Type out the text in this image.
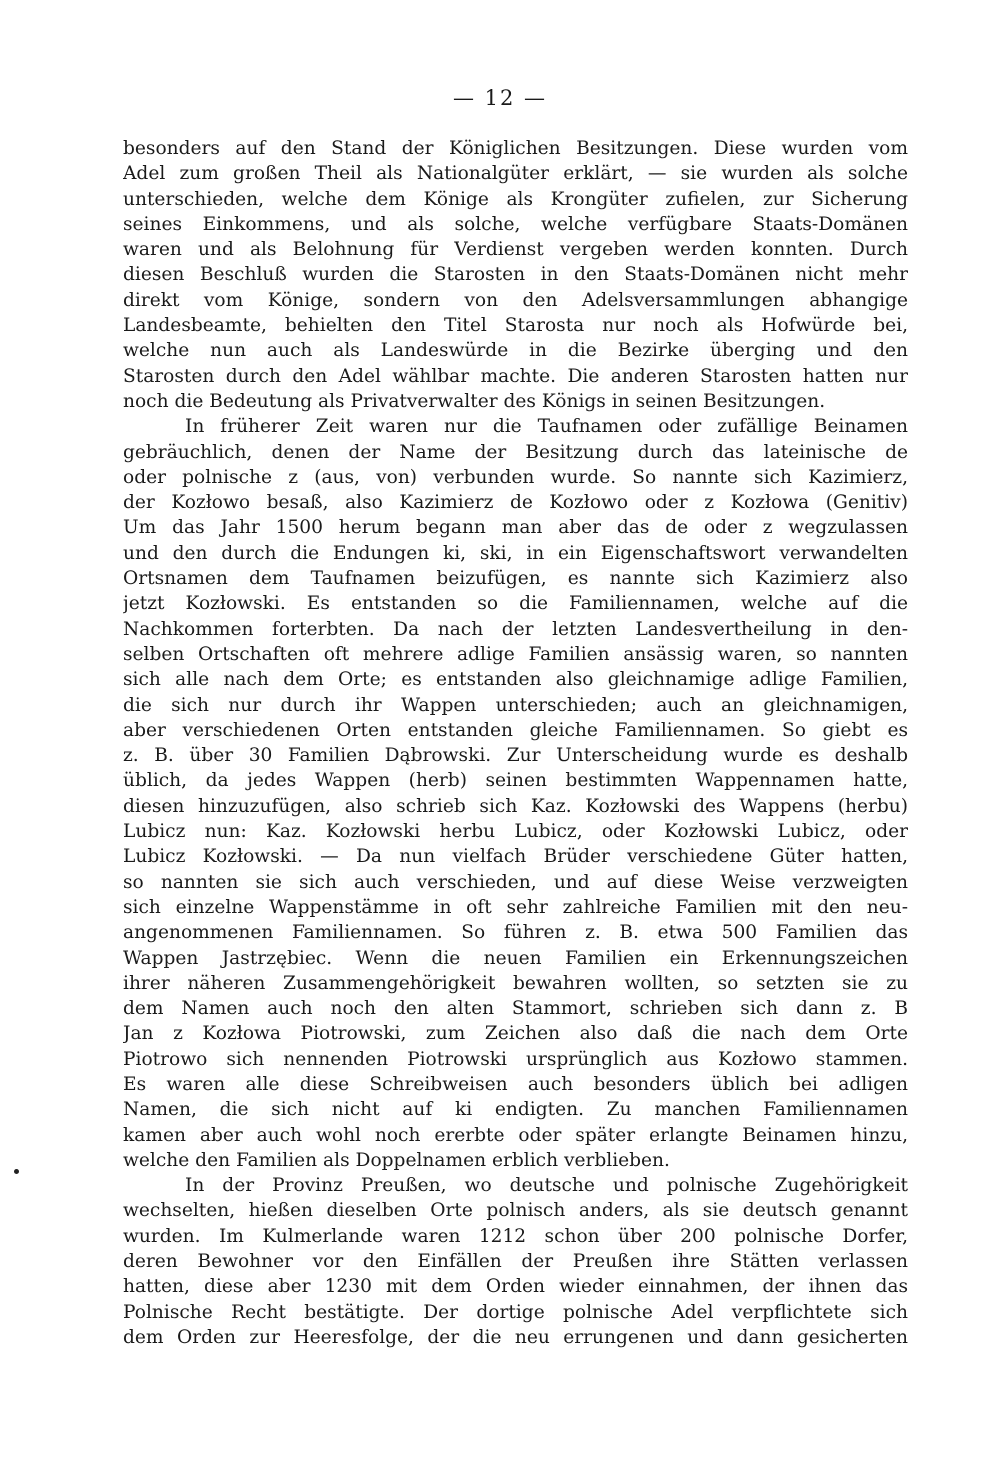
— 12 —
besonders auf den Stand der Königlichen Besitzungen. Diese wurden vom
Adel zum großen Theil als Nationalgüter erklärt, — sie wurden als solche
unterschieden, welche dem Könige als Krongüter zufielen, zur Sicherung
seines Einkommens, und als solche, welche verfügbare Staats-Domänen
waren und als Belohnung für Verdienst vergeben werden konnten. Durch
diesen Beschluß wurden die Starosten in den Staats-Domänen nicht mehr
direkt vom Könige, sondern von den Adelsversammlungen abhangige
Landesbeamte, behielten den Titel Starosta nur noch als Hofwürde bei,
welche nun auch als Landeswürde in die Bezirke überging und den
Starosten durch den Adel wählbar machte. Die anderen Starosten hatten nur
noch die Bedeutung als Privatverwalter des Königs in seinen Besitzungen.
In früherer Zeit waren nur die Taufnamen oder zufällige Beinamen
gebräuchlich, denen der Name der Besitzung durch das lateinische de
oder polnische z (aus, von) verbunden wurde. So nannte sich Kazimierz,
der Kozłowo besaß, also Kazimierz de Kozłowo oder z Kozłowa (Genitiv)
Um das Jahr 1500 herum begann man aber das de oder z wegzulassen
und den durch die Endungen ki, ski, in ein Eigenschaftswort verwandelten
Ortsnamen dem Taufnamen beizufügen, es nannte sich Kazimierz also
jetzt Kozłowski. Es entstanden so die Familiennamen, welche auf die
Nachkommen forterbten. Da nach der letzten Landesvertheilung in den-
selben Ortschaften oft mehrere adlige Familien ansässig waren, so nannten
sich alle nach dem Orte; es entstanden also gleichnamige adlige Familien,
die sich nur durch ihr Wappen unterschieden; auch an gleichnamigen,
aber verschiedenen Orten entstanden gleiche Familiennamen. So giebt es
z. B. über 30 Familien Dąbrowski. Zur Unterscheidung wurde es deshalb
üblich, da jedes Wappen (herb) seinen bestimmten Wappennamen hatte,
diesen hinzuzufügen, also schrieb sich Kaz. Kozłowski des Wappens (herbu)
Lubicz nun: Kaz. Kozłowski herbu Lubicz, oder Kozłowski Lubicz, oder
Lubicz Kozłowski. — Da nun vielfach Brüder verschiedene Güter hatten,
so nannten sie sich auch verschieden, und auf diese Weise verzweigten
sich einzelne Wappenstämme in oft sehr zahlreiche Familien mit den neu-
angenommenen Familiennamen. So führen z. B. etwa 500 Familien das
Wappen Jastrzębiec. Wenn die neuen Familien ein Erkennungszeichen
ihrer näheren Zusammengehörigkeit bewahren wollten, so setzten sie zu
dem Namen auch noch den alten Stammort, schrieben sich dann z. B
Jan z Kozłowa Piotrowski, zum Zeichen also daß die nach dem Orte
Piotrowo sich nennenden Piotrowski ursprünglich aus Kozłowo stammen.
Es waren alle diese Schreibweisen auch besonders üblich bei adligen
Namen, die sich nicht auf ki endigten. Zu manchen Familiennamen
kamen aber auch wohl noch ererbte oder später erlangte Beinamen hinzu,
welche den Familien als Doppelnamen erblich verblieben.
In der Provinz Preußen, wo deutsche und polnische Zugehörigkeit
wechselten, hießen dieselben Orte polnisch anders, als sie deutsch genannt
wurden. Im Kulmerlande waren 1212 schon über 200 polnische Dorfer,
deren Bewohner vor den Einfällen der Preußen ihre Stätten verlassen
hatten, diese aber 1230 mit dem Orden wieder einnahmen, der ihnen das
Polnische Recht bestätigte. Der dortige polnische Adel verpflichtete sich
dem Orden zur Heeresfolge, der die neu errungenen und dann gesicherten
